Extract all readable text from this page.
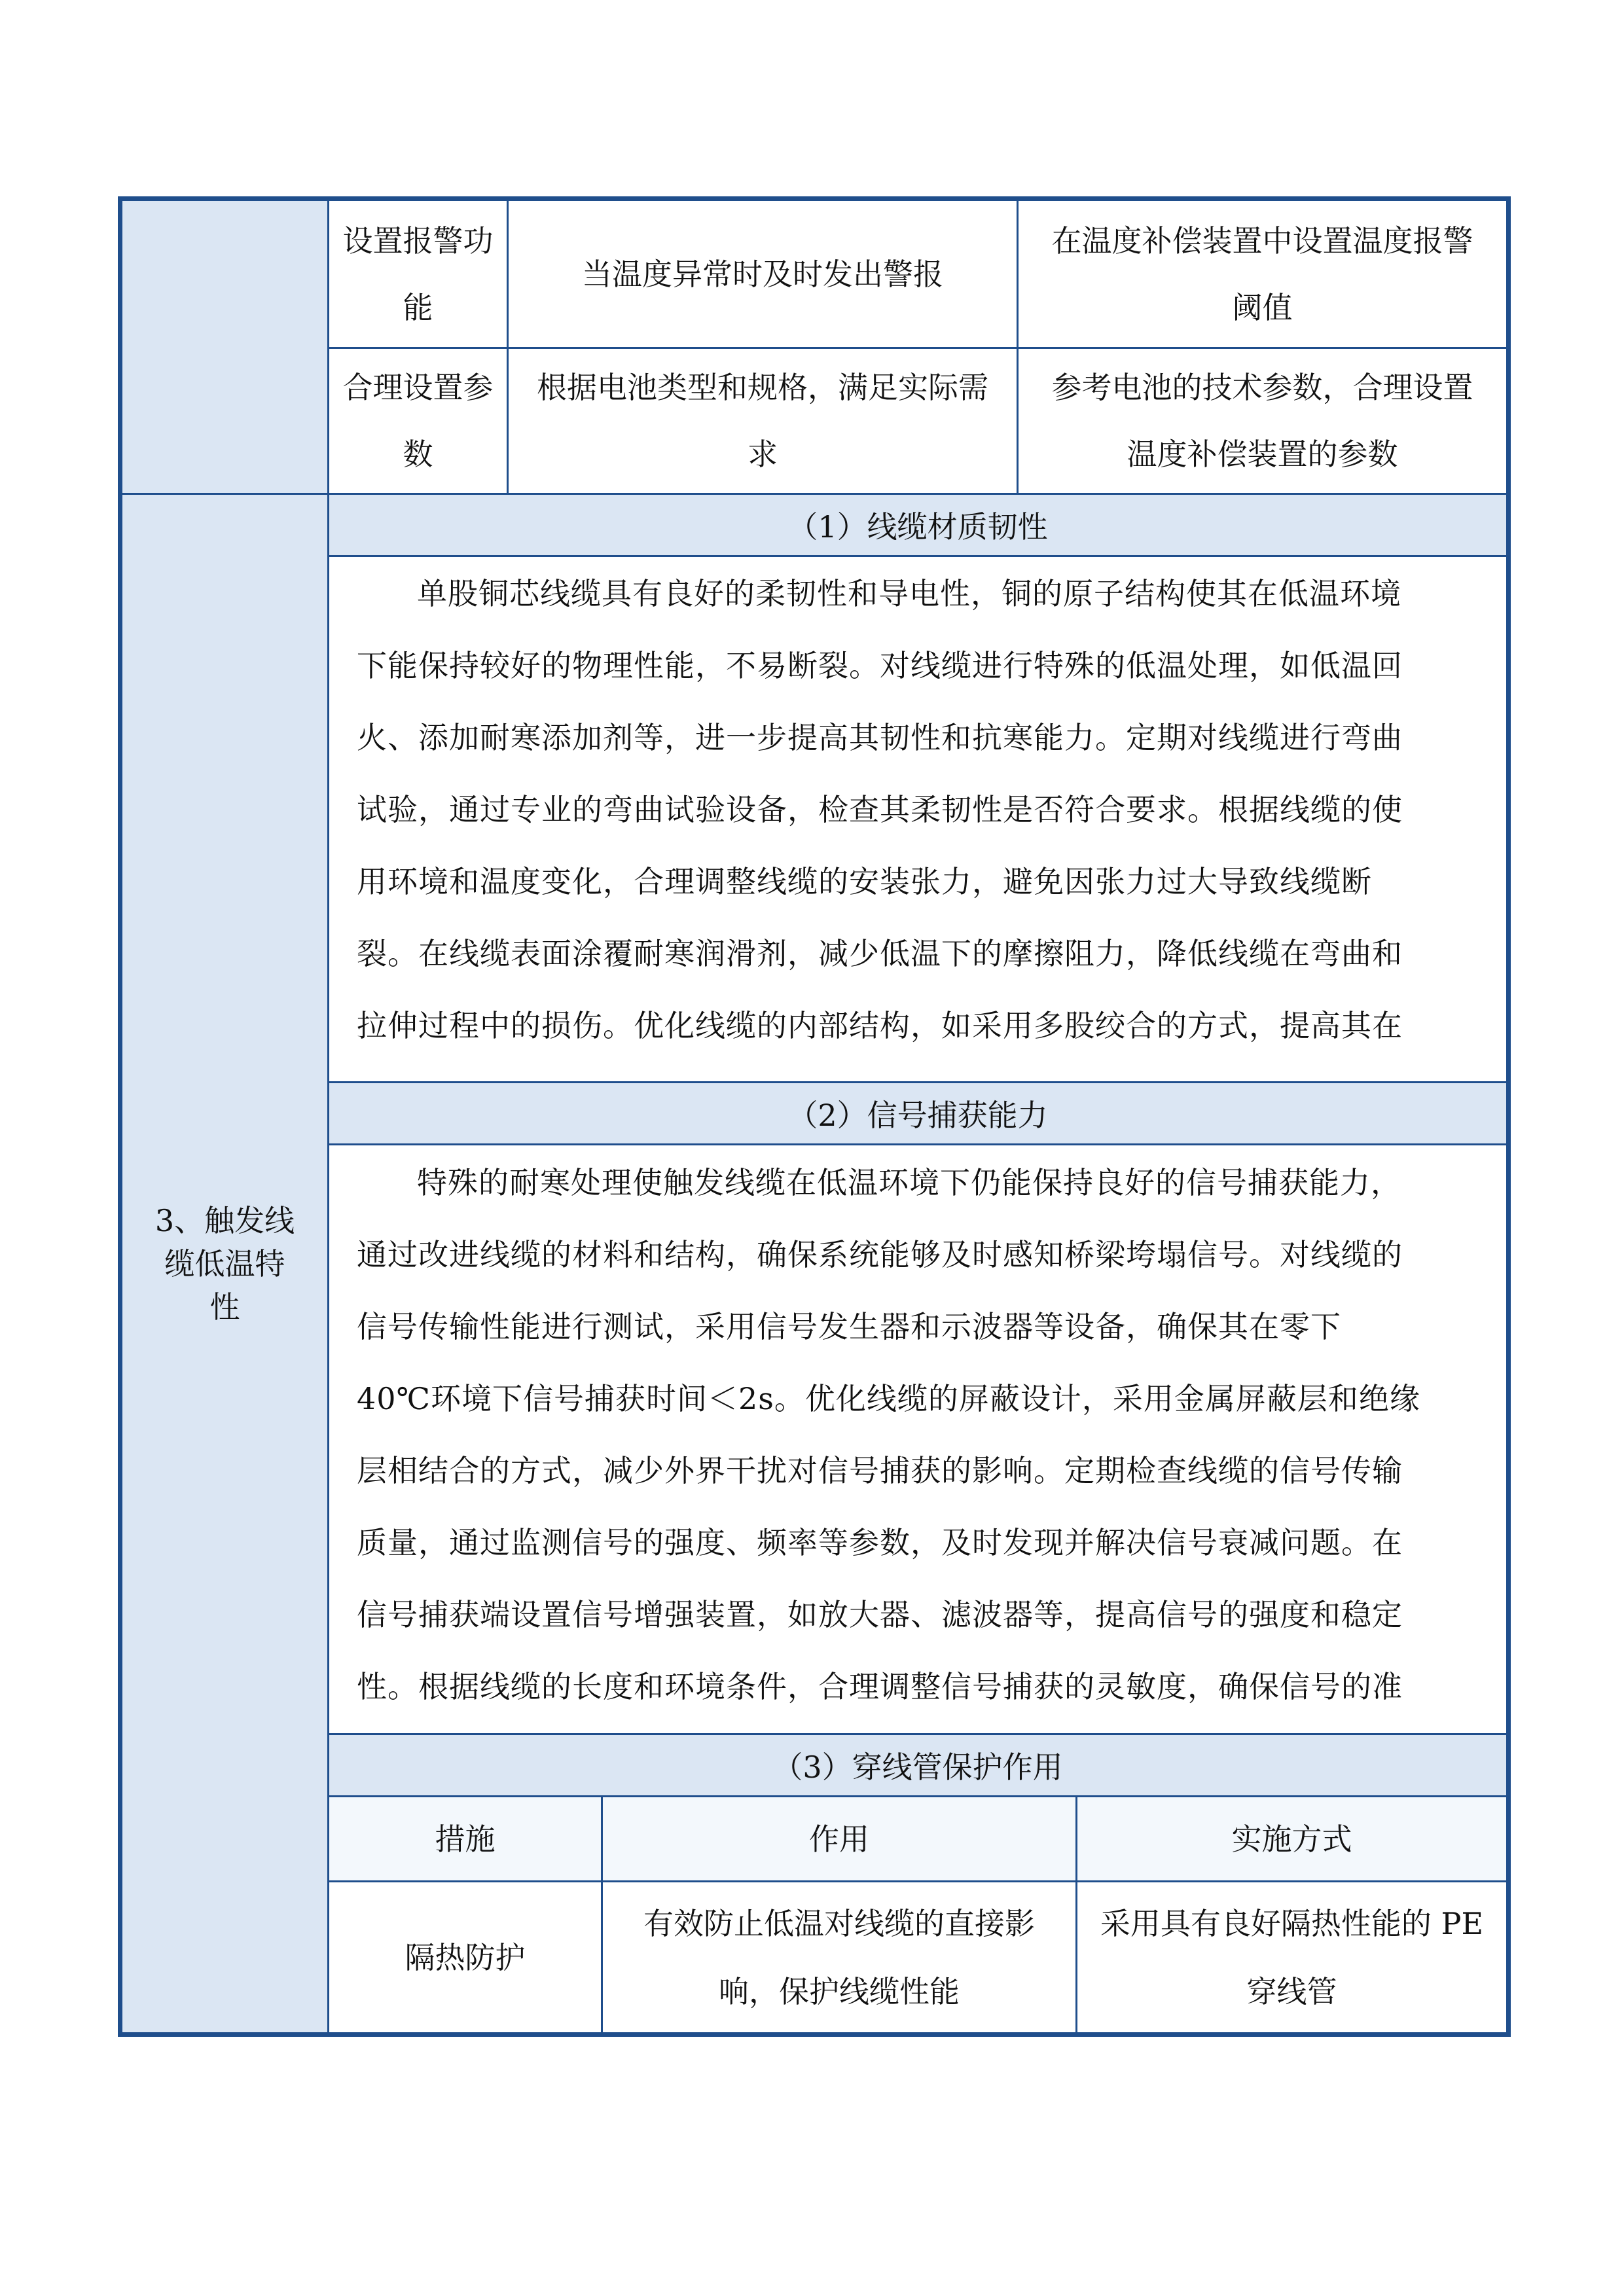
设置报警功
能
当温度异常时及时发出警报
在温度补偿装置中设置温度报警
阈值
合理设置参
数
根据电池类型和规格，满足实际需
求
参考电池的技术参数，合理设置
温度补偿装置的参数
3、触发线
缆低温特
性
（1）线缆材质韧性
单股铜芯线缆具有良好的柔韧性和导电性，铜的原子结构使其在低温环境
下能保持较好的物理性能，不易断裂。对线缆进行特殊的低温处理，如低温回
火、添加耐寒添加剂等，进一步提高其韧性和抗寒能力。定期对线缆进行弯曲
试验，通过专业的弯曲试验设备，检查其柔韧性是否符合要求。根据线缆的使
用环境和温度变化，合理调整线缆的安装张力，避免因张力过大导致线缆断
裂。在线缆表面涂覆耐寒润滑剂，减少低温下的摩擦阻力，降低线缆在弯曲和
拉伸过程中的损伤。优化线缆的内部结构，如采用多股绞合的方式，提高其在
（2）信号捕获能力
特殊的耐寒处理使触发线缆在低温环境下仍能保持良好的信号捕获能力，
通过改进线缆的材料和结构，确保系统能够及时感知桥梁垮塌信号。对线缆的
信号传输性能进行测试，采用信号发生器和示波器等设备，确保其在零下
40℃环境下信号捕获时间＜2s。优化线缆的屏蔽设计，采用金属屏蔽层和绝缘
层相结合的方式，减少外界干扰对信号捕获的影响。定期检查线缆的信号传输
质量，通过监测信号的强度、频率等参数，及时发现并解决信号衰减问题。在
信号捕获端设置信号增强装置，如放大器、滤波器等，提高信号的强度和稳定
性。根据线缆的长度和环境条件，合理调整信号捕获的灵敏度，确保信号的准
（3）穿线管保护作用
措施	作用	实施方式
隔热防护
有效防止低温对线缆的直接影
响，保护线缆性能
采用具有良好隔热性能的 PE
穿线管
